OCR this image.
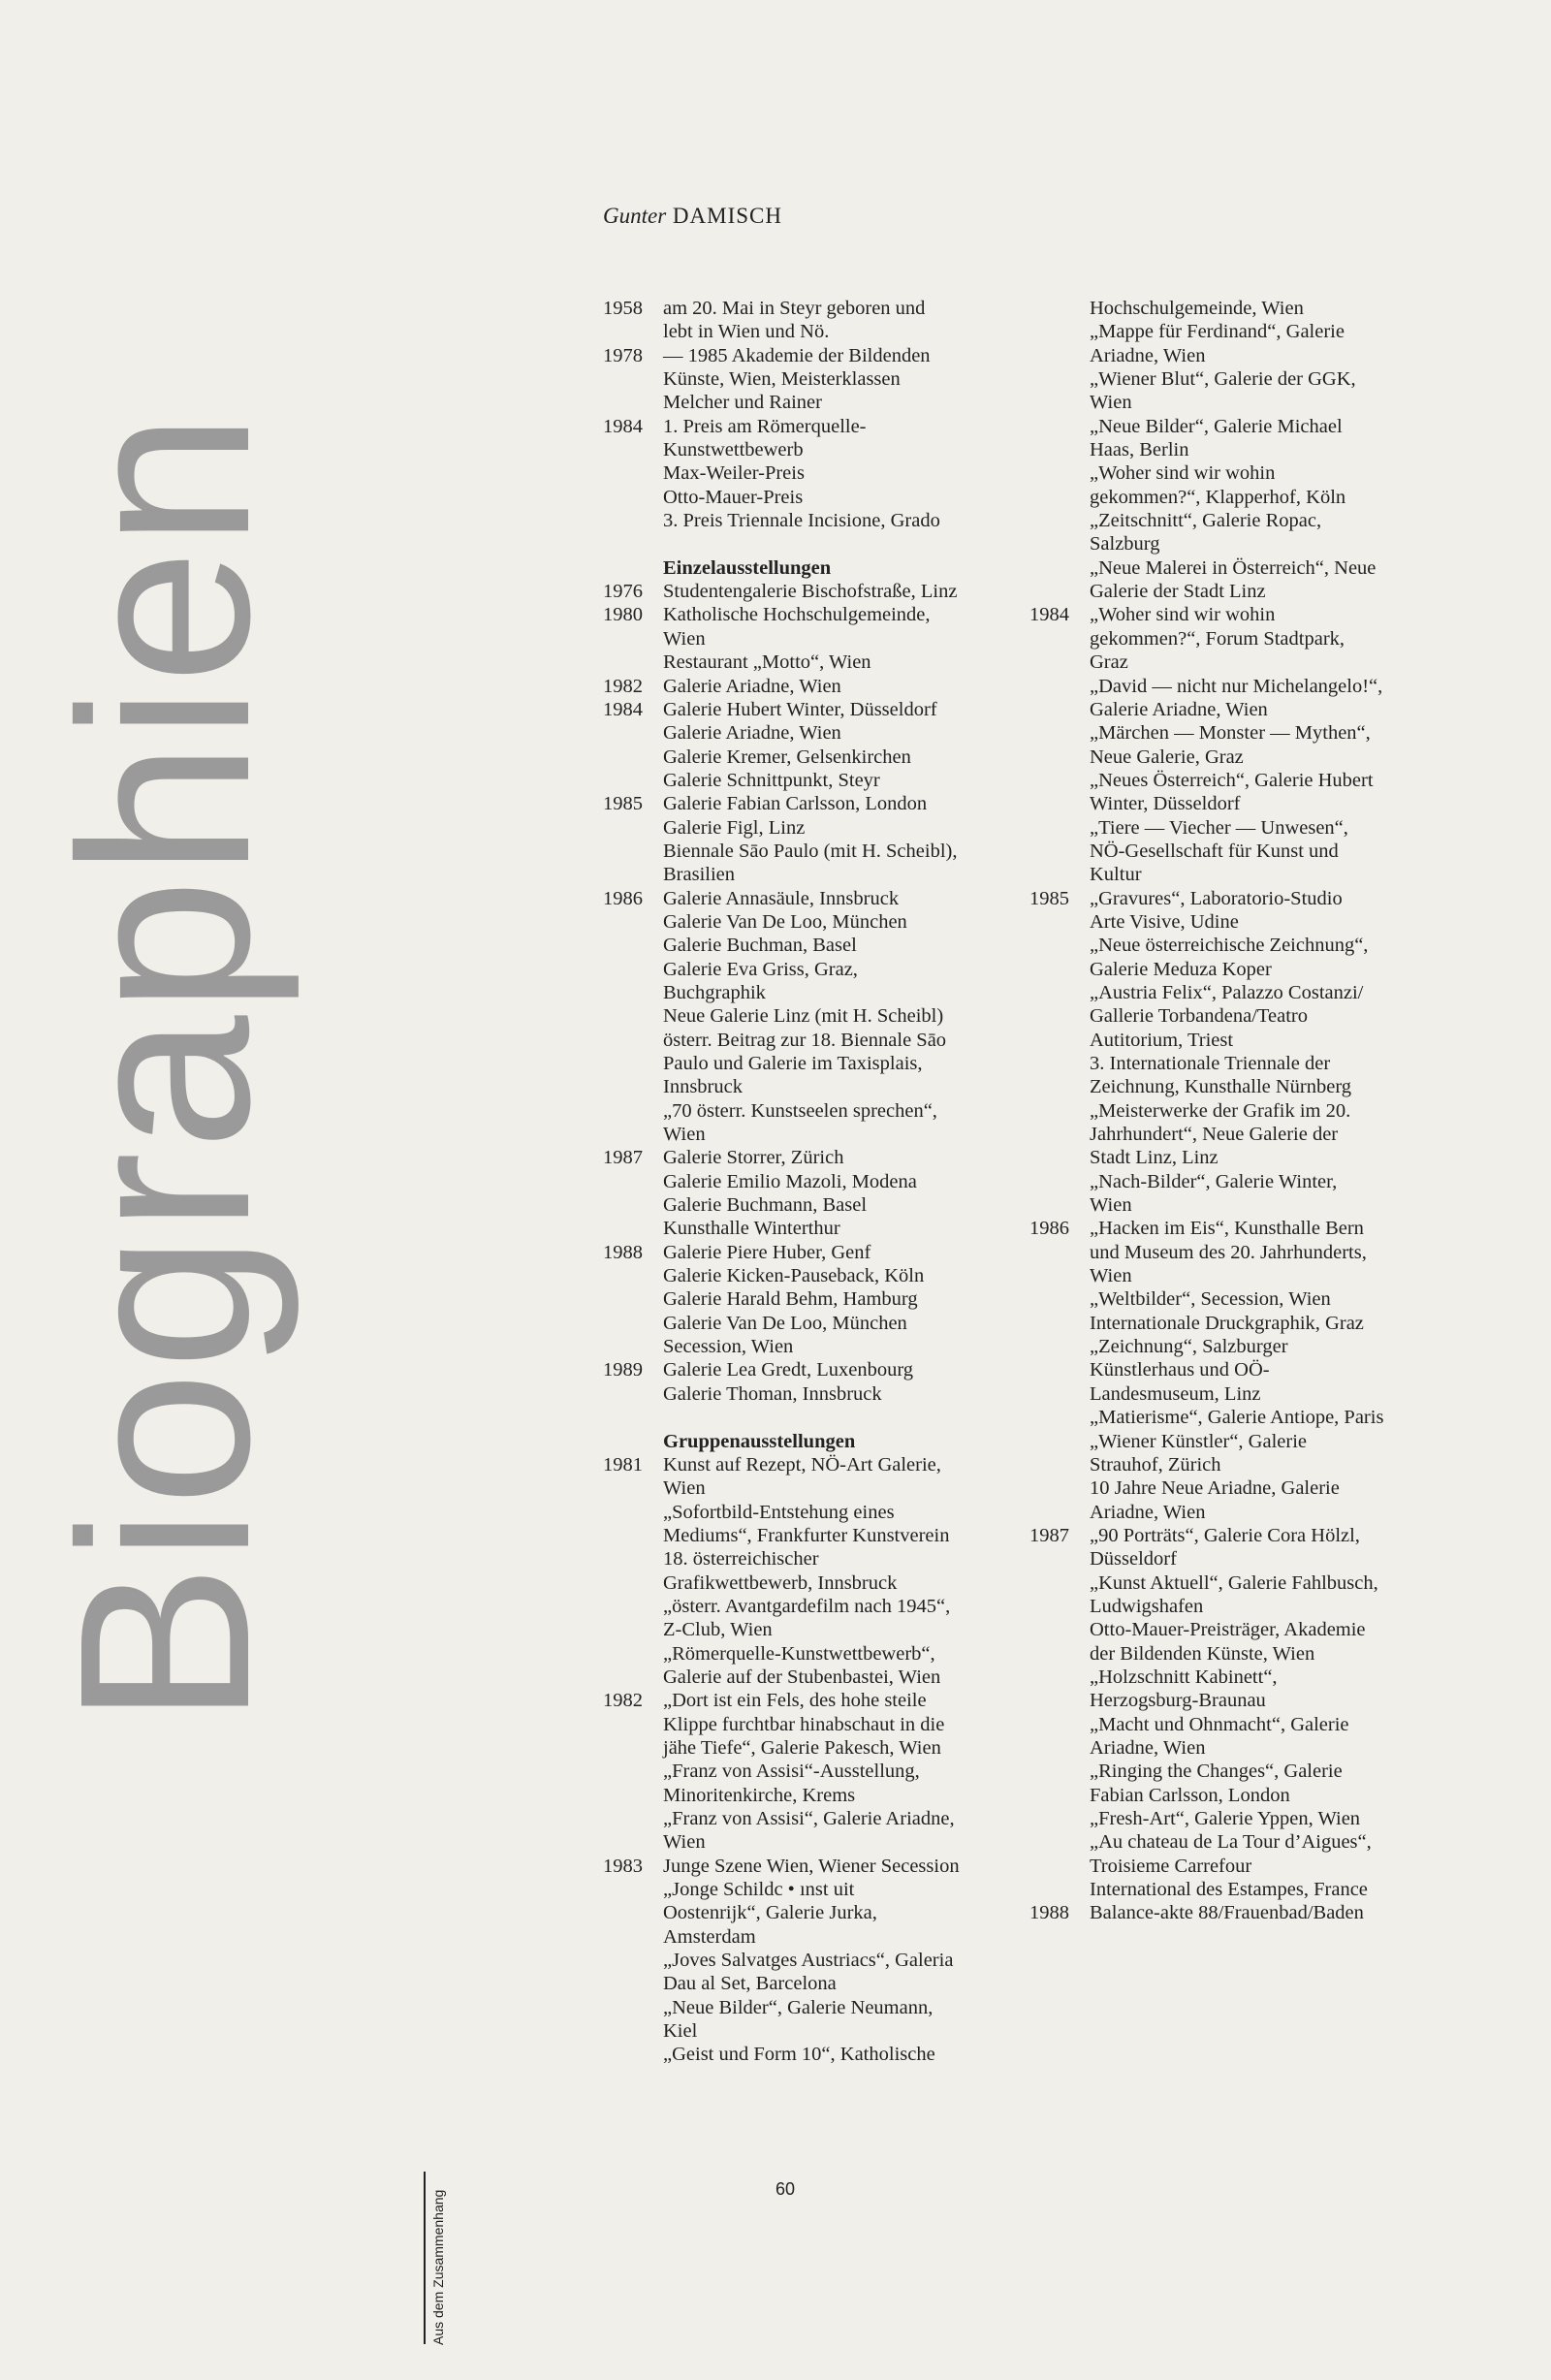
Biographien
Gunter DAMISCH
1958	am 20. Mai in Steyr geboren und
lebt in Wien und Nö.
1978	— 1985 Akademie der Bildenden
Künste, Wien, Meisterklassen
Melcher und Rainer
1984	1. Preis am Römerquelle-
Kunstwettbewerb
Max-Weiler-Preis
Otto-Mauer-Preis
3. Preis Triennale Incisione, Grado
Einzelausstellungen
1976	Studentengalerie Bischofstraße, Linz
1980	Katholische Hochschulgemeinde,
Wien
Restaurant „Motto“, Wien
1982	Galerie Ariadne, Wien
1984	Galerie Hubert Winter, Düsseldorf
Galerie Ariadne, Wien
Galerie Kremer, Gelsenkirchen
Galerie Schnittpunkt, Steyr
1985	Galerie Fabian Carlsson, London
Galerie Figl, Linz
Biennale Sāo Paulo (mit H. Scheibl),
Brasilien
1986	Galerie Annasäule, Innsbruck
Galerie Van De Loo, München
Galerie Buchman, Basel
Galerie Eva Griss, Graz,
Buchgraphik
Neue Galerie Linz (mit H. Scheibl)
österr. Beitrag zur 18. Biennale Sāo
Paulo und Galerie im Taxisplais,
Innsbruck
„70 österr. Kunstseelen sprechen“,
Wien
1987	Galerie Storrer, Zürich
Galerie Emilio Mazoli, Modena
Galerie Buchmann, Basel
Kunsthalle Winterthur
1988	Galerie Piere Huber, Genf
Galerie Kicken-Pauseback, Köln
Galerie Harald Behm, Hamburg
Galerie Van De Loo, München
Secession, Wien
1989	Galerie Lea Gredt, Luxenbourg
Galerie Thoman, Innsbruck
Gruppenausstellungen
1981	Kunst auf Rezept, NÖ-Art Galerie,
Wien
„Sofortbild-Entstehung eines
Mediums“, Frankfurter Kunstverein
18. österreichischer
Grafikwettbewerb, Innsbruck
„österr. Avantgardefilm nach 1945“,
Z-Club, Wien
„Römerquelle-Kunstwettbewerb“,
Galerie auf der Stubenbastei, Wien
1982	„Dort ist ein Fels, des hohe steile
Klippe furchtbar hinabschaut in die
jähe Tiefe“, Galerie Pakesch, Wien
„Franz von Assisi“-Ausstellung,
Minoritenkirche, Krems
„Franz von Assisi“, Galerie Ariadne,
Wien
1983	Junge Szene Wien, Wiener Secession
„Jonge Schildc • ınst uit
Oostenrijk“, Galerie Jurka,
Amsterdam
„Joves Salvatges Austriacs“, Galeria
Dau al Set, Barcelona
„Neue Bilder“, Galerie Neumann,
Kiel
„Geist und Form 10“, Katholische
Hochschulgemeinde, Wien
„Mappe für Ferdinand“, Galerie
Ariadne, Wien
„Wiener Blut“, Galerie der GGK,
Wien
„Neue Bilder“, Galerie Michael
Haas, Berlin
„Woher sind wir wohin
gekommen?“, Klapperhof, Köln
„Zeitschnitt“, Galerie Ropac,
Salzburg
„Neue Malerei in Österreich“, Neue
Galerie der Stadt Linz
1984	„Woher sind wir wohin
gekommen?“, Forum Stadtpark,
Graz
„David — nicht nur Michelangelo!“,
Galerie Ariadne, Wien
„Märchen — Monster — Mythen“,
Neue Galerie, Graz
„Neues Österreich“, Galerie Hubert
Winter, Düsseldorf
„Tiere — Viecher — Unwesen“,
NÖ-Gesellschaft für Kunst und
Kultur
1985	„Gravures“, Laboratorio-Studio
Arte Visive, Udine
„Neue österreichische Zeichnung“,
Galerie Meduza Koper
„Austria Felix“, Palazzo Costanzi/
Gallerie Torbandena/Teatro
Autitorium, Triest
3. Internationale Triennale der
Zeichnung, Kunsthalle Nürnberg
„Meisterwerke der Grafik im 20.
Jahrhundert“, Neue Galerie der
Stadt Linz, Linz
„Nach-Bilder“, Galerie Winter,
Wien
1986	„Hacken im Eis“, Kunsthalle Bern
und Museum des 20. Jahrhunderts,
Wien
„Weltbilder“, Secession, Wien
Internationale Druckgraphik, Graz
„Zeichnung“, Salzburger
Künstlerhaus und OÖ-
Landesmuseum, Linz
„Matierisme“, Galerie Antiope, Paris
„Wiener Künstler“, Galerie
Strauhof, Zürich
10 Jahre Neue Ariadne, Galerie
Ariadne, Wien
1987	„90 Porträts“, Galerie Cora Hölzl,
Düsseldorf
„Kunst Aktuell“, Galerie Fahlbusch,
Ludwigshafen
Otto-Mauer-Preisträger, Akademie
der Bildenden Künste, Wien
„Holzschnitt Kabinett“,
Herzogsburg-Braunau
„Macht und Ohnmacht“, Galerie
Ariadne, Wien
„Ringing the Changes“, Galerie
Fabian Carlsson, London
„Fresh-Art“, Galerie Yppen, Wien
„Au chateau de La Tour d’Aigues“,
Troisieme Carrefour
International des Estampes, France
1988	Balance-akte 88/Frauenbad/Baden
60
Aus dem Zusammenhang
